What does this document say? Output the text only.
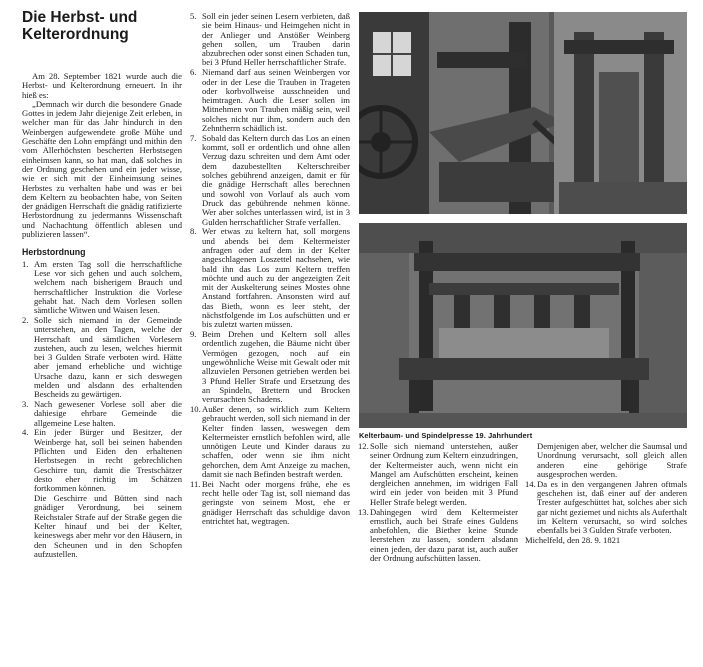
Die Herbst- und Kelterordnung

Am 28. September 1821 wurde auch die Herbst- und Kelterordnung erneuert. In ihr hieß es:

„Demnach wir durch die besondere Gnade Gottes in jedem Jahr diejenige Zeit erleben, in welcher man für das Jahr hindurch in den Weinbergen aufgewendete große Mühe und Geschäfte den Lohn empfängt und mithin den vom Allerhöchsten bescherten Herbstsegen einheimsen kann, so hat man, daß solches in der Ordnung geschehen und ein jeder wisse, wie er sich mit der Einheimsung seines Herbstes zu verhalten habe und was er bei dem Keltern zu beobachten habe, von Seiten der gnädigen Herrschaft die gnädig ratifizierte Herbstordnung zu jedermanns Wissenschaft und Nachachtung öffentlich ablesen und publizieren lassen“.

Herbstordnung
1. Am ersten Tag soll die herrschaftliche Lese vor sich gehen und auch solchem, welchem nach bisherigem Brauch und herrschaftlicher Instruktion die Vorlese gehabt hat. Nach dem Vorlesen sollen sämtliche Witwen und Waisen lesen.
2. Solle sich niemand in der Gemeinde unterstehen, an den Tagen, welche der Herrschaft und sämtlichen Vorlesern zustehen, auch zu lesen, welches hiermit bei 3 Gulden Strafe verboten wird. Hätte aber jemand erhebliche und wichtige Ursache dazu, kann er sich deswegen melden und alsdann des erhaltenden Bescheids zu gewärtigen.
3. Nach gewesener Vorlese soll aber die dahiesige ehrbare Gemeinde die allgemeine Lese halten.
4. Ein jeder Bürger und Besitzer, der Weinberge hat, soll bei seinen habenden Pflichten und Eiden den erhaltenen Herbstsegen in recht gebrechlichen Geschirre tun, damit die Trestschätzer desto eher richtig im Schätzen fortkommen können.
Die Geschirre und Bütten sind nach gnädiger Verordnung, bei seinem Reichstaler Strafe auf der Straße gegen die Kelter hinauf und bei der Kelter, keineswegs aber mehr vor den Häusern, in den Scheunen und in den Schopfen aufzustellen.
5. Soll ein jeder seinen Lesern verbieten, daß sie beim Hinaus- und Heimgehen nicht in der Anlieger und Anstößer Weinberg gehen sollen, um Trauben darin abzubrechen oder sonst einen Schaden tun, bei 3 Pfund Heller herrschaftlicher Strafe.
6. Niemand darf aus seinen Weinbergen vor oder in der Lese die Trauben in Trageten oder korbvollweise ausschneiden und heimtragen. Auch die Leser sollen im Mitnehmen von Trauben mäßig sein, weil solches nicht nur ihm, sondern auch den Zehntherrn schädlich ist.
7. Sobald das Keltern durch das Los an einen kommt, soll er ordentlich und ohne allen Verzug dazu schreiten und dem Amt oder dem dazubestellten Kelterschreiber solches gebührend anzeigen, damit er für die gnädige Herrschaft alles berechnen und sowohl von Vorlauf als auch vom Druck das gebührende nehmen könne. Wer aber solches unterlassen wird, ist in 3 Gulden herrschaftlicher Strafe verfallen.
8. Wer etwas zu keltern hat, soll morgens und abends bei dem Keltermeister anfragen oder auf dem in der Kelter angeschlagenen Loszettel nachsehen, wie bald ihn das Los zum Keltern treffen möchte und auch zu der angezeigten Zeit mit der Auskelterung seines Mostes ohne Anstand fortfahren. Ansonsten wird auf das Bieth, wonn es leer steht, der nächstfolgende im Los aufschütten und er bis zuletzt warten müssen.
9. Beim Drehen und Keltern soll alles ordentlich zugehen, die Bäume nicht über Vermögen gezogen, noch auf ein ungewöhnliche Weise mit Gewalt oder mit allzuvielen Personen getrieben werden bei 3 Pfund Heller Strafe und Ersetzung des an Spindeln, Brettern und Brocken verursachten Schadens.
10. Außer denen, so wirklich zum Keltern gebraucht werden, soll sich niemand in der Kelter finden lassen, weswegen dem Keltermeister ernstlich befohlen wird, alle unnötigen Leute und Kinder daraus zu schaffen, oder wenn sie ihm nicht gehorchen, dem Amt Anzeige zu machen, damit sie nach Befinden bestraft werden.
11. Bei Nacht oder morgens frühe, ehe es recht helle oder Tag ist, soll niemand das geringste von seinem Most, ehe er gnädiger Herrschaft das schuldige davon entrichtet hat, wegtragen.
Kelterbaum- und Spindelpresse 19. Jahrhundert
12. Solle sich niemand unterstehen, außer seiner Ordnung zum Keltern einzudringen, der Keltermeister auch, wenn nicht ein Mangel am Aufschütten erscheint, keinen dergleichen annehmen, im widrigen Fall wird ein jeder von beiden mit 3 Pfund Heller Strafe belegt werden.
13. Dahingegen wird dem Keltermeister ernstlich, auch bei Strafe eines Guldens anbefohlen, die Biether keine Stunde leerstehen zu lassen, sondern alsdann einen jeden, der dazu parat ist, auch außer der Ordnung aufschütten lassen.
Demjenigen aber, welcher die Saumsal und Unordnung verursacht, soll gleich allen anderen eine gehörige Strafe ausgesprochen werden.
14. Da es in den vergangenen Jahren oftmals geschehen ist, daß einer auf der anderen Trester aufgeschüttet hat, solches aber sich gar nicht geziemet und nichts als Auferthalt im Keltern verursacht, so wird solches ebenfalls bei 3 Gulden Strafe verboten.

Michelfeld, den 28. 9. 1821
